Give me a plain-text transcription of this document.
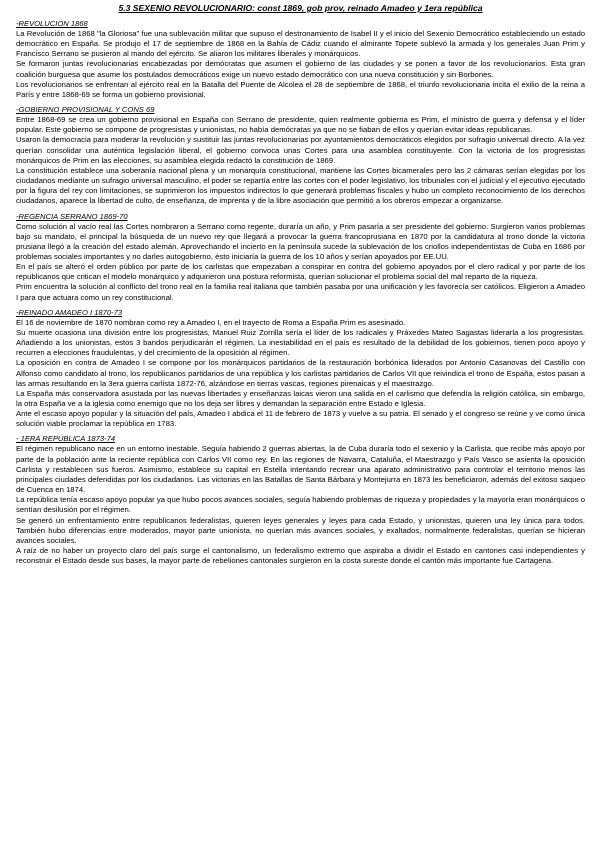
5.3 SEXENIO REVOLUCIONARIO: const 1869, gob prov, reinado Amadeo y 1era república

-REVOLUCIÓN 1868

La Revolución de 1868 "la Gloriosa" fue una sublevación militar que supuso el destronamiento de Isabel II y el inicio del Sexenio Democrático estableciendo un estado democrático en España. Se produjo el 17 de septiembre de 1868 en la Bahía de Cádiz cuando el almirante Topete sublevó la armada y los generales Juan Prim y Francisco Serrano se pusieron al mando del ejército. Se aliaron los militares liberales y monárquicos.

Se formaron juntas revolucionarias encabezadas por demócratas que asumen el gobierno de las ciudades y se ponen a favor de los revolucionarios. Esta gran coalición burguesa que asume los postulados democráticos exige un nuevo estado democrático con una nueva constitución y sin Borbones.

Los revolucionarios se enfrentan al ejército real en la Batalla del Puente de Alcolea el 28 de septiembre de 1868, el triunfo revolucionaria incita el exilio de la reina a París y entre 1868-69 se forma un gobierno provisional.

-GOBIERNO PROVISIONAL Y CONS 69

Entre 1868-69 se crea un gobierno provisional en España con Serrano de presidente, quien realmente gobierna es Prim, el ministro de guerra y defensa y el líder popular. Este gobierno se compone de progresistas y unionistas, no había demócratas ya que no se fiaban de ellos y querían evitar ideas republicanas.

Usaron la democracia para moderar la revolución y sustituir las juntas revolucionarias por ayuntamientos democráticos elegidos por sufragio universal directo. A la vez querían consolidar una auténtica legislación liberal, el gobierno convoca unas Cortes para una asamblea constituyente. Con la victoria de los progresistas monárquicos de Prim en las elecciones, su asamblea elegida redactó la constitución de 1869.

La constitución establece una soberanía nacional plena y un monarquía constitucional, mantiene las Cortes bicamerales pero las 2 cámaras serían elegidas por los ciudadanos mediante un sufragio universal masculino, el poder se repartía entre las cortes con el poder legislativo, los tribunales con el judicial y el ejecutivo ejecutado por la figura del rey con limitaciones, se suprimieron los impuestos indirectos lo que generará problemas fiscales y hubo un completo reconocimiento de los derechos ciudadanos, aparece la libertad de culto, de enseñanza, de imprenta y de la libre asociación que permitió a los obreros empezar a organizarse.

-REGENCIA SERRANO 1869-70

Como solución al vacío real las Cortes nombraron a Serrano como regente, duraría un año, y Prim pasaría a ser presidente del gobierno. Surgieron varios problemas bajo su mandato, el principal la búsqueda de un nuevo rey que llegará a provocar la guerra francoprusiana en 1870 por la candidatura al trono donde la victoria prusiana llegó a la creación del estado alemán. Aprovechando el incierto en la península sucede la sublevación de los criollos independentistas de Cuba en 1686 por problemas sociales importantes y no darles autogobierno, ésto iniciaría la guerra de los 10 años y serían apoyados por EE.UU.

En el país se alteró el orden público por parte de los carlistas que empezaban a conspirar en contra del gobierno apoyados por el clero radical y por parte de los republicanos que critican el modelo monárquico y adquirieron una postura reformista, querían solucionar el problema social del mal reparto de la riqueza.

Prim encuentra la solución al conflicto del trono real en la familia real italiana que también pasaba por una unificación y les favorecía ser católicos. Eligieron a Amadeo I para que actuara como un rey constitucional.

-REINADO AMADEO I 1870-73

El 16 de noviembre de 1870 nombran como rey a Amadeo I, en el trayecto de Roma a España Prim es asesinado.

Su muerte ocasiona una división entre los progresistas, Manuel Ruiz Zorrilla sería el líder de los radicales y Práxedes Mateo Sagastas liderarla a los progresistas. Añadiendo a los unionistas, estos 3 bandos perjudicarán el régimen. La inestabilidad en el país es resultado de la debilidad de los gobiernos, tienen poco apoyo y recurren a elecciones fraudulentas, y del crecimiento de la oposición al régimen.

La oposición en contra de Amadeo I se compone por los monárquicos partidarios de la restauración borbónica liderados por Antonio Casanovas del Castillo con Alfonso como candidato al trono, los republicanos partidarios de una república y los carlistas partidarios de Carlos VII que reivindica el trono de España, estos pasan a las armas resultando en la 3era guerra carlista 1872-76, alzándose en tierras vascas, regiones pirenaicas y el maestrazgo.

La España más conservadora asustada por las nuevas libertades y enseñanzas laicas vieron una salida en el carlismo que defendía la religión católica, sin embargo, la otra España ve a la iglesia como enemigo que no los deja ser libres y demandan la separación entre Estado e Iglesia.

Ante el escaso apoyo popular y la situación del país, Amadeo I abdica el 11 de febrero de 1873 y vuelve a su patria. El senado y el congreso se reúne y ve como única solución viable proclamar la república en 1783.

- 1ERA REPÚBLICA 1873-74

El régimen republicano nace en un entorno inestable. Seguía habiendo 2 guerras abiertas, la de Cuba duraría todo el sexenio y la Carlista, que recibe más apoyo por parte de la población ante la reciente república con Carlos VII como rey. En las regiones de Navarra, Cataluña, el Maestrazgo y País Vasco se asienta la oposición Carlista y restablecen sus fueros. Asimismo, establece su capital en Estella intentando recrear una aparato administrativo para controlar el territorio menos las principales ciudades defendidas por los ciudadanos. Las victorias en las Batallas de Santa Bárbara y Montejurra en 1873 les beneficiaron, además del exitoso saqueo de Cuenca en 1874.

La república tenía escaso apoyo popular ya que hubo pocos avances sociales, seguía habiendo problemas de riqueza y propiedades y la mayoría eran monárquicos o sentían desilusión por el régimen.

Se generó un enfrentamiento entre republicanos federalistas, quieren leyes generales y leyes para cada Estado, y unionistas, quieren una ley única para todos. También hubo diferencias entre moderados, mayor parte unionista, no querían más avances sociales, y exaltados, normalmente federalistas, querían se hicieran avances sociales.

A raíz de no haber un proyecto claro del país surge el cantonalismo, un federalismo extremo que aspiraba a dividir el Estado en cantones casi independientes y reconstruir el Estado desde sus bases, la mayor parte de rebeliones cantonales surgieron en la costa sureste donde el cantón más importante fue Cartagena.
